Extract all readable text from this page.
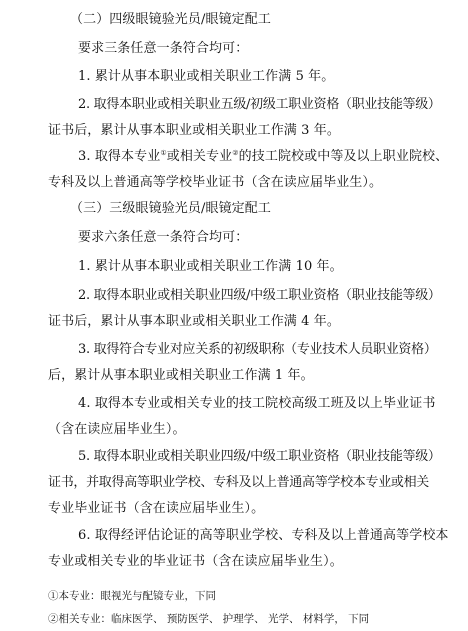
（二）四级眼镜验光员/眼镜定配工
要求三条任意一条符合均可：
1. 累计从事本职业或相关职业工作满 5 年。
2. 取得本职业或相关职业五级/初级工职业资格（职业技能等级）
证书后，累计从事本职业或相关职业工作满 3 年。
3. 取得本专业①或相关专业②的技工院校或中等及以上职业院校、
专科及以上普通高等学校毕业证书（含在读应届毕业生）。
（三）三级眼镜验光员/眼镜定配工
要求六条任意一条符合均可：
1. 累计从事本职业或相关职业工作满 10 年。
2. 取得本职业或相关职业四级/中级工职业资格（职业技能等级）
证书后，累计从事本职业或相关职业工作满 4 年。
3. 取得符合专业对应关系的初级职称（专业技术人员职业资格）
后，累计从事本职业或相关职业工作满 1 年。
4. 取得本专业或相关专业的技工院校高级工班及以上毕业证书
（含在读应届毕业生）。
5. 取得本职业或相关职业四级/中级工职业资格（职业技能等级）
证书，并取得高等职业学校、专科及以上普通高等学校本专业或相关
专业毕业证书（含在读应届毕业生）。
6. 取得经评估论证的高等职业学校、专科及以上普通高等学校本
专业或相关专业的毕业证书（含在读应届毕业生）。
①本专业：眼视光与配镜专业，下同
②相关专业：临床医学、 预防医学、 护理学、 光学、 材料学， 下同
